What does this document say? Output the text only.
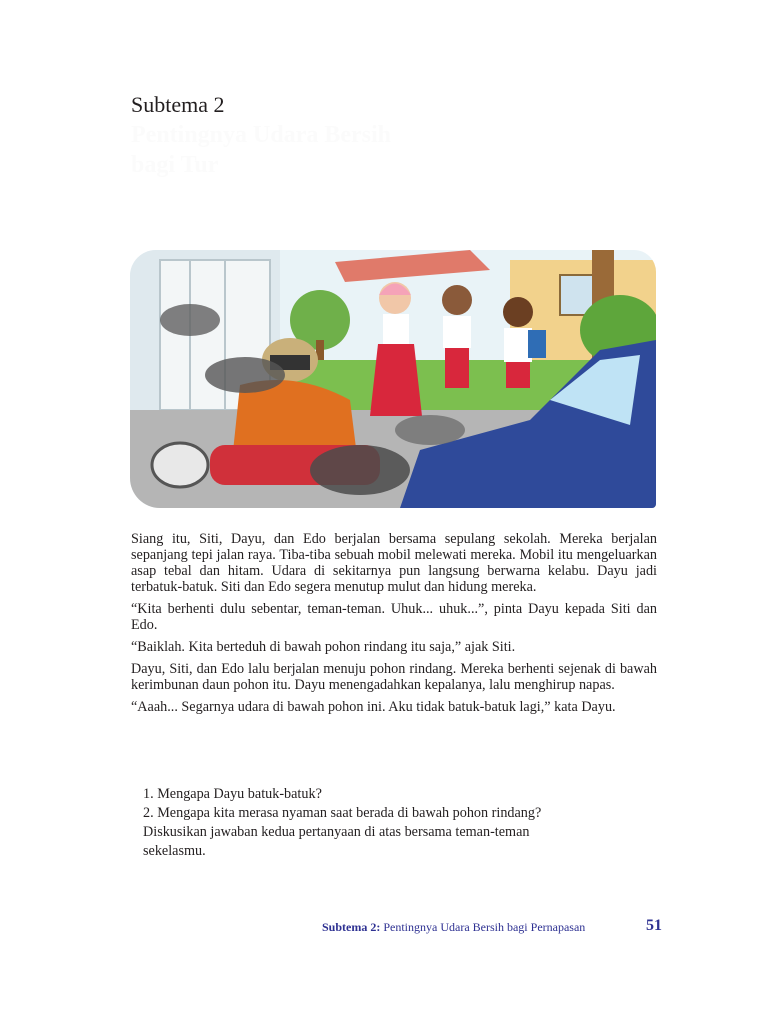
Subtema 2
Pentingnya Udara Bersih
bagi Tur

Siang itu, Siti, Dayu, dan Edo berjalan bersama sepulang sekolah. Mereka berjalan sepanjang tepi jalan raya. Tiba-tiba sebuah mobil melewati mereka. Mobil itu mengeluarkan asap tebal dan hitam. Udara di sekitarnya pun langsung berwarna kelabu. Dayu jadi terbatuk-batuk. Siti dan Edo segera menutup mulut dan hidung mereka.

“Kita berhenti dulu sebentar, teman-teman. Uhuk... uhuk...”, pinta Dayu kepada Siti dan Edo.

“Baiklah. Kita berteduh di bawah pohon rindang itu saja,” ajak Siti.

Dayu, Siti, dan Edo lalu berjalan menuju pohon rindang. Mereka berhenti sejenak di bawah kerimbunan daun pohon itu. Dayu menengadahkan kepalanya, lalu menghirup napas.

“Aaah... Segarnya udara di bawah pohon ini. Aku tidak batuk-batuk lagi,” kata Dayu.

1. Mengapa Dayu batuk-batuk?
2. Mengapa kita merasa nyaman saat berada di bawah pohon rindang?
Diskusikan jawaban kedua pertanyaan di atas bersama teman-teman
sekelasmu.
Subtema 2: Pentingnya Udara Bersih bagi Pernapasan	51
